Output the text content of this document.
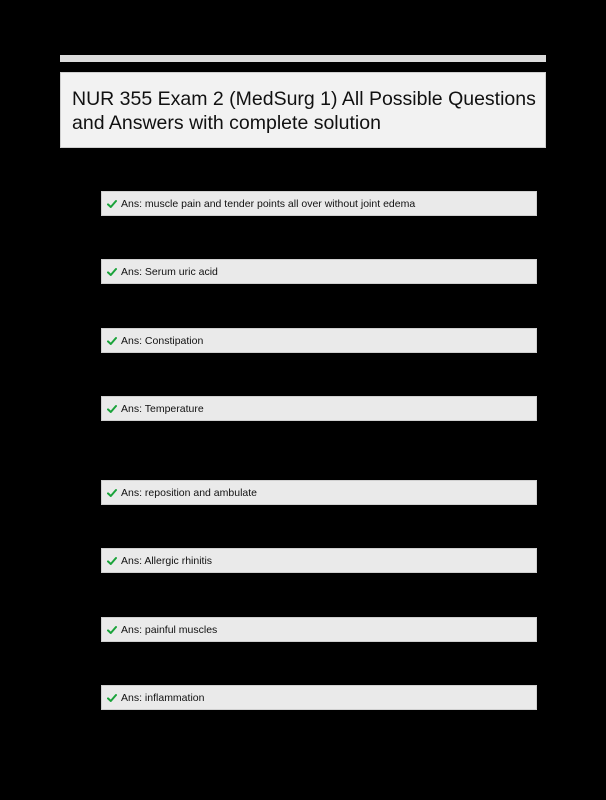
NUR 355 Exam 2 (MedSurg 1) All Possible Questions and Answers with complete solution
Ans: muscle pain and tender points all over without joint edema
Ans: Serum uric acid
Ans: Constipation
Ans: Temperature
Ans: reposition and ambulate
Ans: Allergic rhinitis
Ans: painful muscles
Ans: inflammation
